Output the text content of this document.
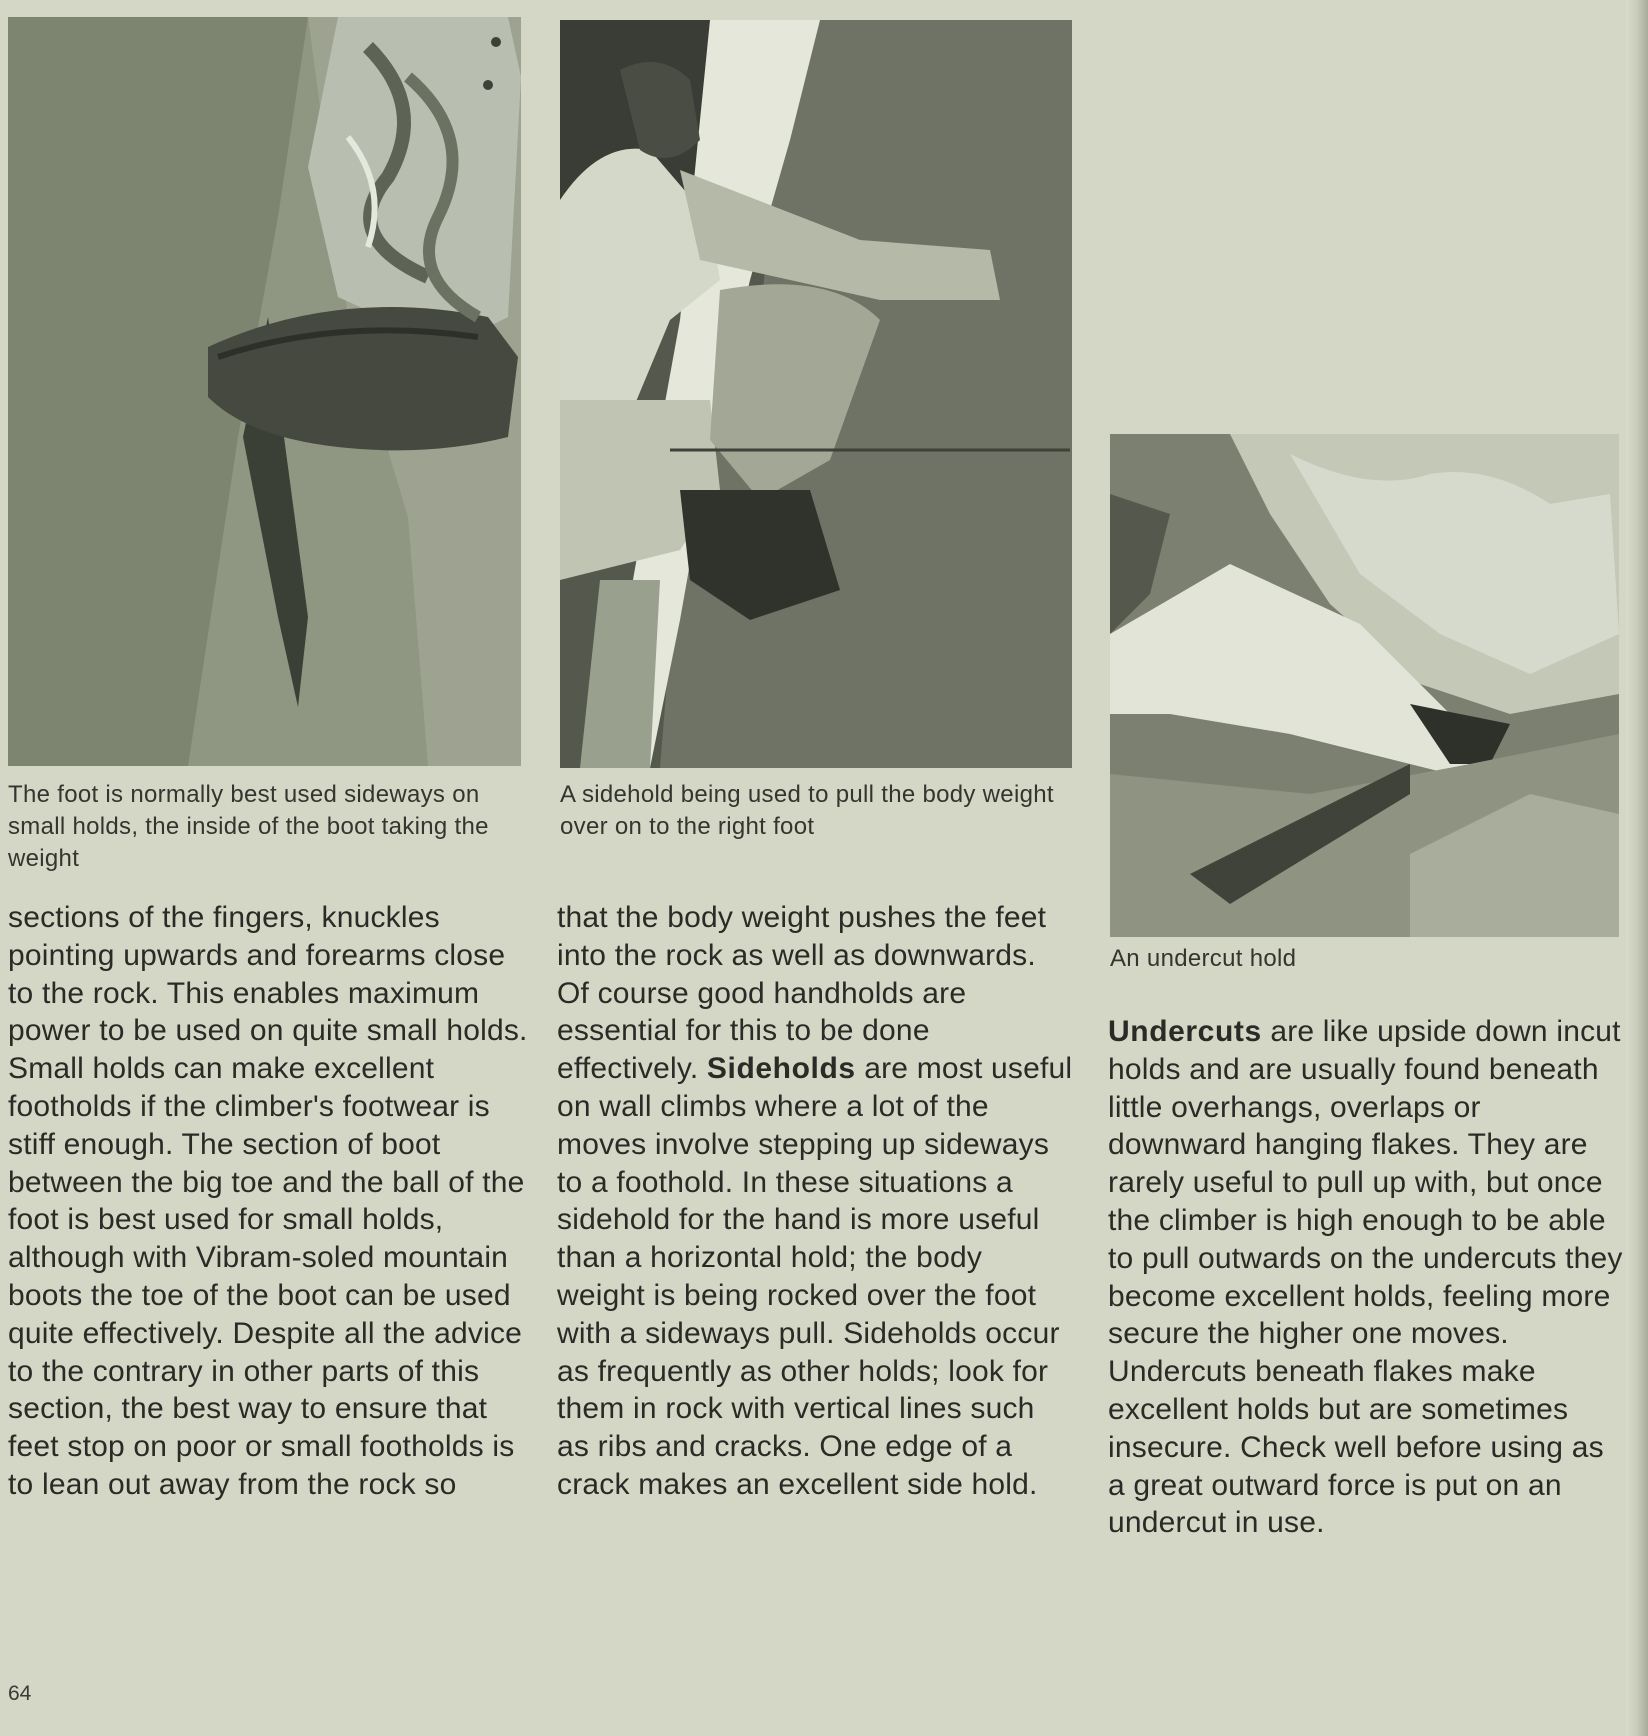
The foot is normally best used sideways on small holds, the inside of the boot taking the weight

A sidehold being used to pull the body weight over on to the right foot

An undercut hold

sections of the fingers, knuckles pointing upwards and forearms close to the rock. This enables maximum power to be used on quite small holds. Small holds can make excellent footholds if the climber's footwear is stiff enough. The section of boot between the big toe and the ball of the foot is best used for small holds, although with Vibram-soled mountain boots the toe of the boot can be used quite effectively. Despite all the advice to the contrary in other parts of this section, the best way to ensure that feet stop on poor or small footholds is to lean out away from the rock so

that the body weight pushes the feet into the rock as well as downwards. Of course good handholds are essential for this to be done effectively. Sideholds are most useful on wall climbs where a lot of the moves involve stepping up sideways to a foothold. In these situations a sidehold for the hand is more useful than a horizontal hold; the body weight is being rocked over the foot with a sideways pull. Sideholds occur as frequently as other holds; look for them in rock with vertical lines such as ribs and cracks. One edge of a crack makes an excellent side hold.

Undercuts are like upside down incut holds and are usually found beneath little overhangs, overlaps or downward hanging flakes. They are rarely useful to pull up with, but once the climber is high enough to be able to pull outwards on the undercuts they become excellent holds, feeling more secure the higher one moves. Undercuts beneath flakes make excellent holds but are sometimes insecure. Check well before using as a great outward force is put on an undercut in use.

64
